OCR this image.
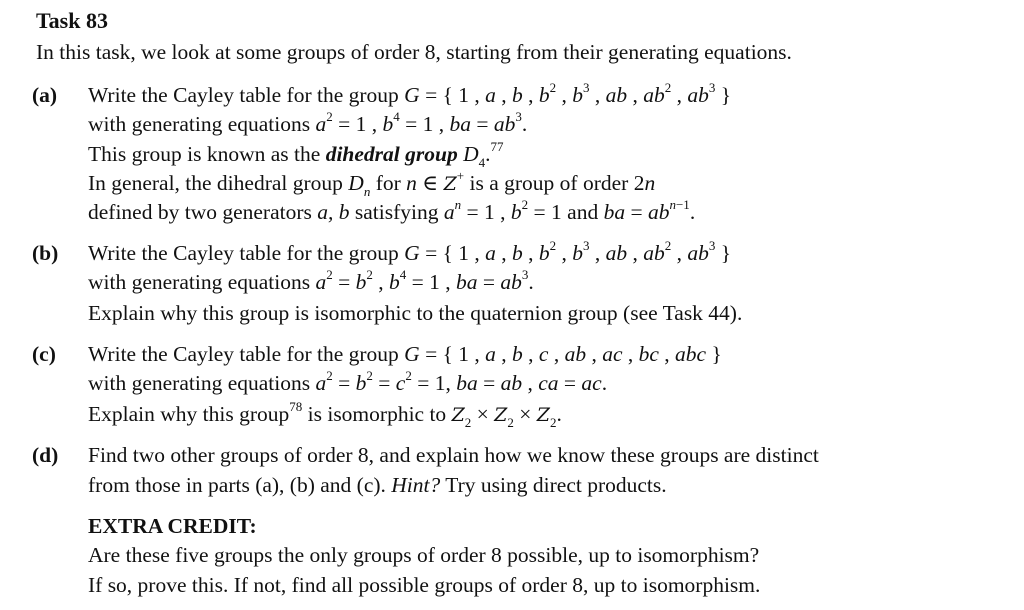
Task 83
In this task, we look at some groups of order 8, starting from their generating equations.
(a) Write the Cayley table for the group G = { 1 , a , b , $b^2$ , $b^3$ , ab , $ab^2$ , $ab^3$ }
with generating equations $a^2 = 1$ , $b^4 = 1$ , ba = $ab^3$.
This group is known as the dihedral group $D_4.^{77}$
In general, the dihedral group $D_n$ for n ∈ Z+ is a group of order 2n
defined by two generators a, b satisfying $a^n = 1$ , $b^2 = 1$ and ba = $ab^{n-1}$.
(b) Write the Cayley table for the group G = { 1 , a , b , $b^2$ , $b^3$ , ab , $ab^2$ , $ab^3$ }
with generating equations $a^2 = b^2$ , $b^4 = 1$ , ba = $ab^3$.
Explain why this group is isomorphic to the quaternion group (see Task 44).
(c) Write the Cayley table for the group G = { 1 , a , b , c , ab , ac , bc , abc }
with generating equations $a^2 = b^2 = c^2 = 1$, ba = ab , ca = ac.
Explain why this group$^{78}$ is isomorphic to $Z_2 \times Z_2 \times Z_2$.
(d) Find two other groups of order 8, and explain how we know these groups are distinct
from those in parts (a), (b) and (c). Hint? Try using direct products.
EXTRA CREDIT:
Are these five groups the only groups of order 8 possible, up to isomorphism?
If so, prove this. If not, find all possible groups of order 8, up to isomorphism.
